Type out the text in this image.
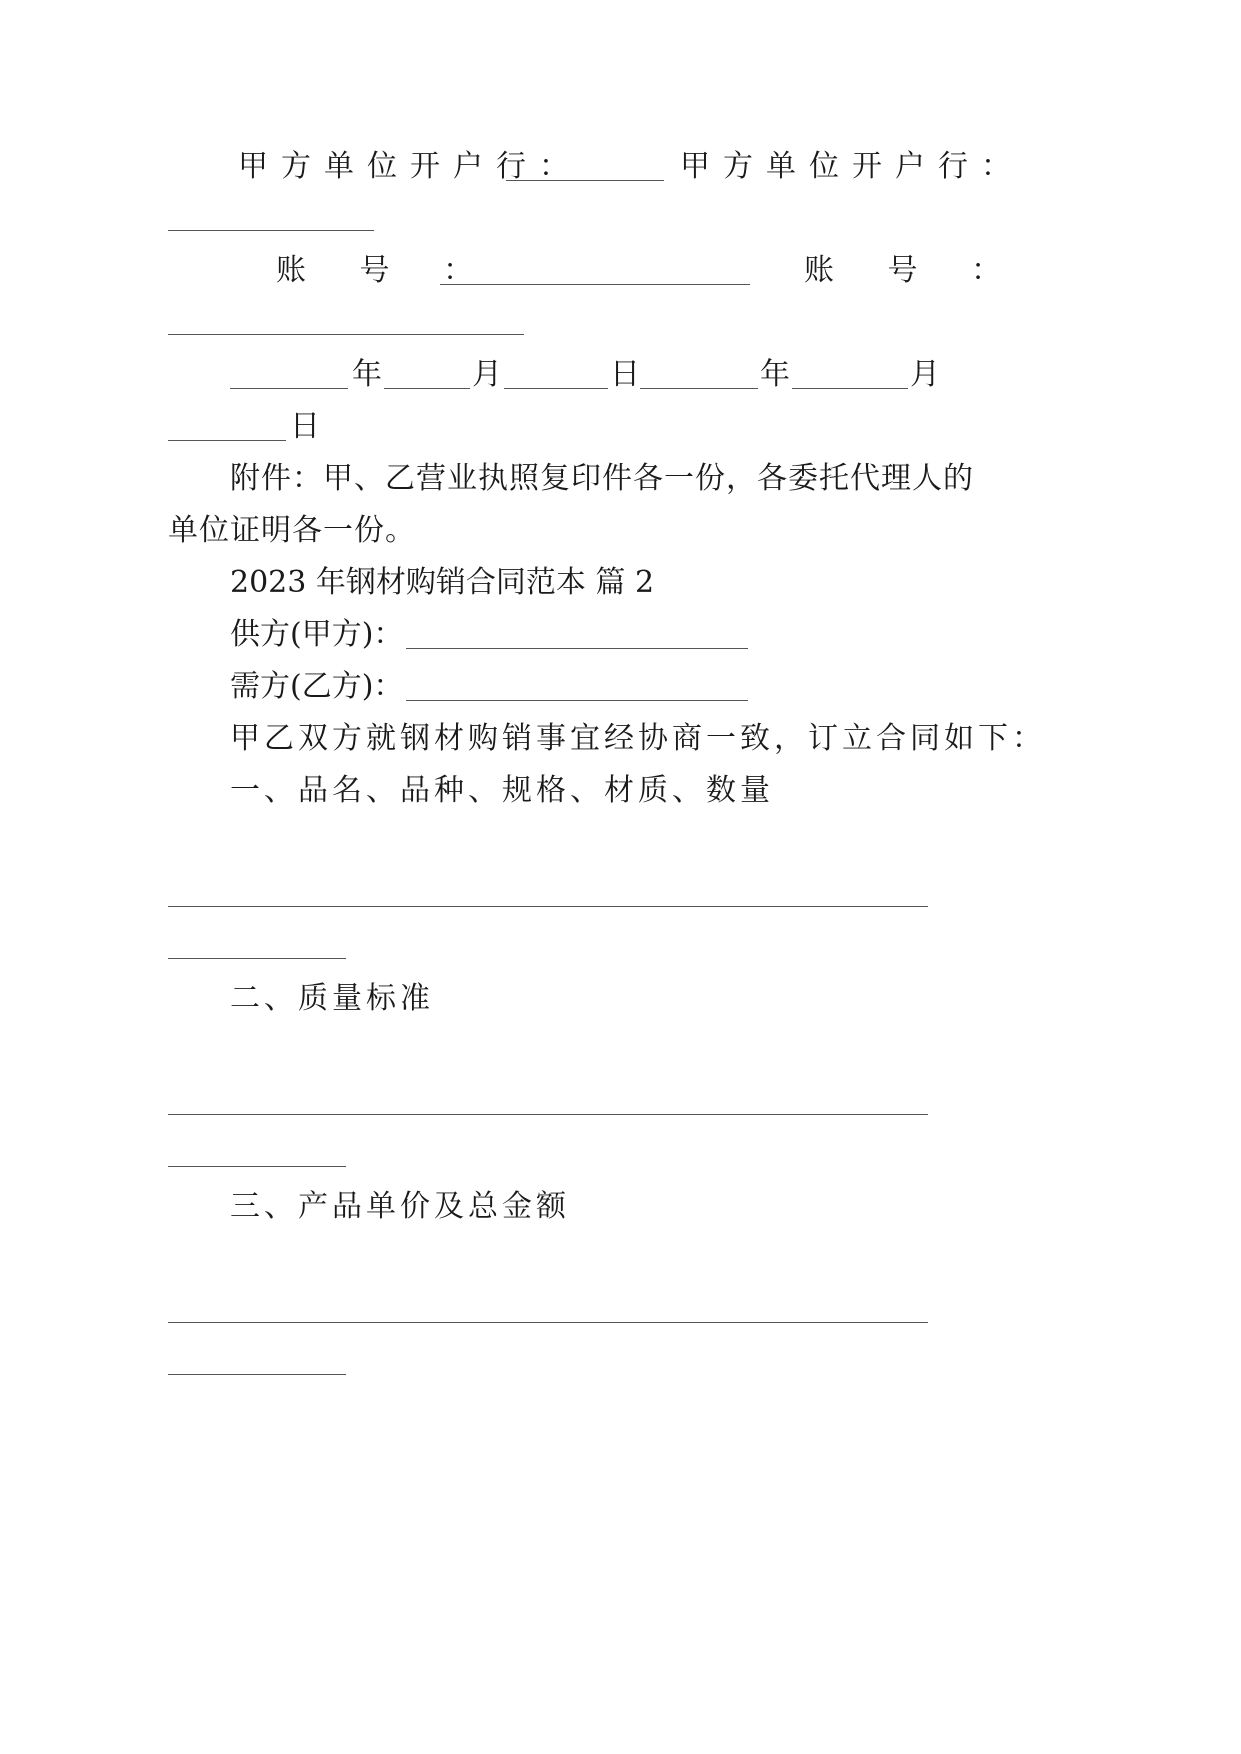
甲方单位开户行：	甲方单位开户行：
账 号 ：	账 号 ：
年	月	日	年	月
日
附件：甲、乙营业执照复印件各一份，各委托代理人的
单位证明各一份。
2023 年钢材购销合同范本 篇 2
供方(甲方)：
需方(乙方)：
甲乙双方就钢材购销事宜经协商一致，订立合同如下：
一、品名、品种、规格、材质、数量
二、质量标准
三、产品单价及总金额
